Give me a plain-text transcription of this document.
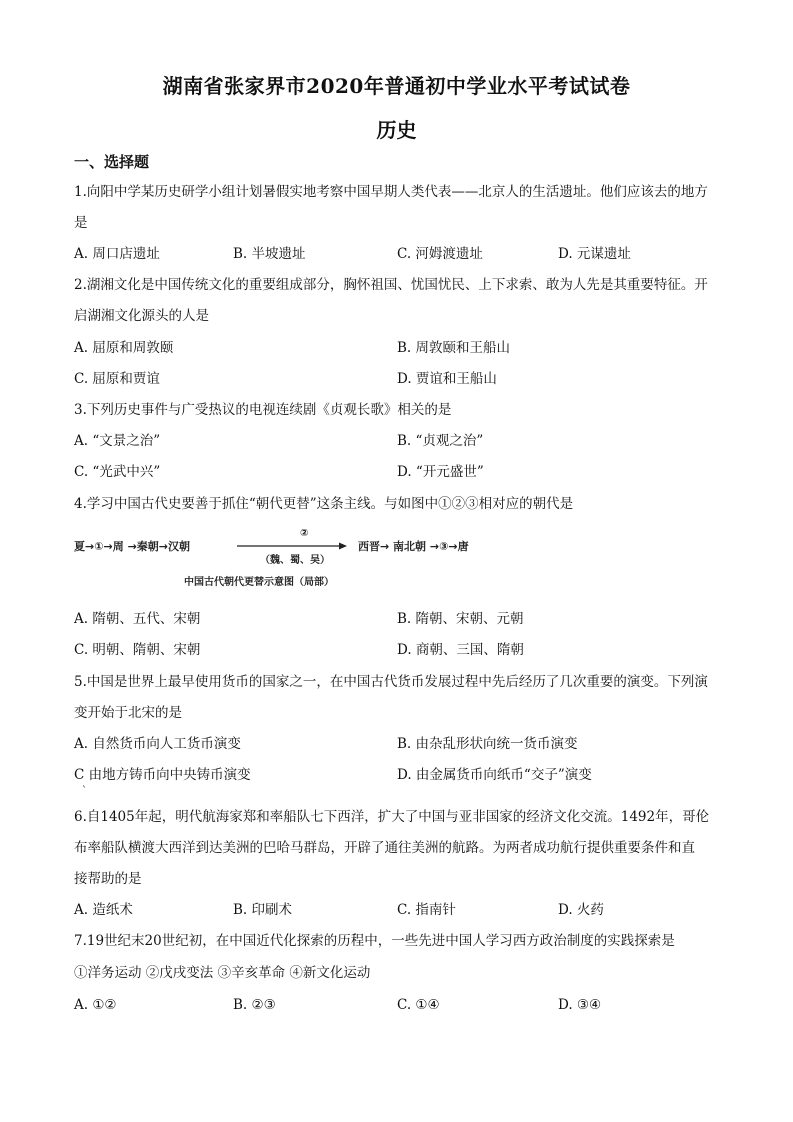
湖南省张家界市2020年普通初中学业水平考试试卷
历史
一、选择题
1.向阳中学某历史研学小组计划暑假实地考察中国早期人类代表——北京人的生活遗址。他们应该去的地方
是
A. 周口店遗址	B. 半坡遗址	C. 河姆渡遗址	D. 元谋遗址
2.湖湘文化是中国传统文化的重要组成部分，胸怀祖国、忧国忧民、上下求索、敢为人先是其重要特征。开
启湖湘文化源头的人是
A. 屈原和周敦颐	B. 周敦颐和王船山
C. 屈原和贾谊	D. 贾谊和王船山
3.下列历史事件与广受热议的电视连续剧《贞观长歌》相关的是
A. “文景之治”	B. “贞观之治”
C. “光武中兴”	D. “开元盛世”
4.学习中国古代史要善于抓住“朝代更替”这条主线。与如图中①②③相对应的朝代是
夏→①→周 →秦朝→汉朝
②
（魏、蜀、吴）
西晋→ 南北朝 →③→唐
中国古代朝代更替示意图（局部）
A. 隋朝、五代、宋朝	B. 隋朝、宋朝、元朝
C. 明朝、隋朝、宋朝	D. 商朝、三国、隋朝
5.中国是世界上最早使用货币的国家之一，在中国古代货币发展过程中先后经历了几次重要的演变。下列演
变开始于北宋的是
A. 自然货币向人工货币演变	B. 由杂乱形状向统一货币演变
C 由地方铸币向中央铸币演变	D. 由金属货币向纸币“交子”演变
`
6.自1405年起，明代航海家郑和率船队七下西洋，扩大了中国与亚非国家的经济文化交流。1492年，哥伦
布率船队横渡大西洋到达美洲的巴哈马群岛，开辟了通往美洲的航路。为两者成功航行提供重要条件和直
接帮助的是
A. 造纸术	B. 印刷术	C. 指南针	D. 火药
7.19世纪末20世纪初，在中国近代化探索的历程中，一些先进中国人学习西方政治制度的实践探索是
①洋务运动 ②戊戌变法 ③辛亥革命 ④新文化运动
A. ①②	B. ②③	C. ①④	D. ③④
